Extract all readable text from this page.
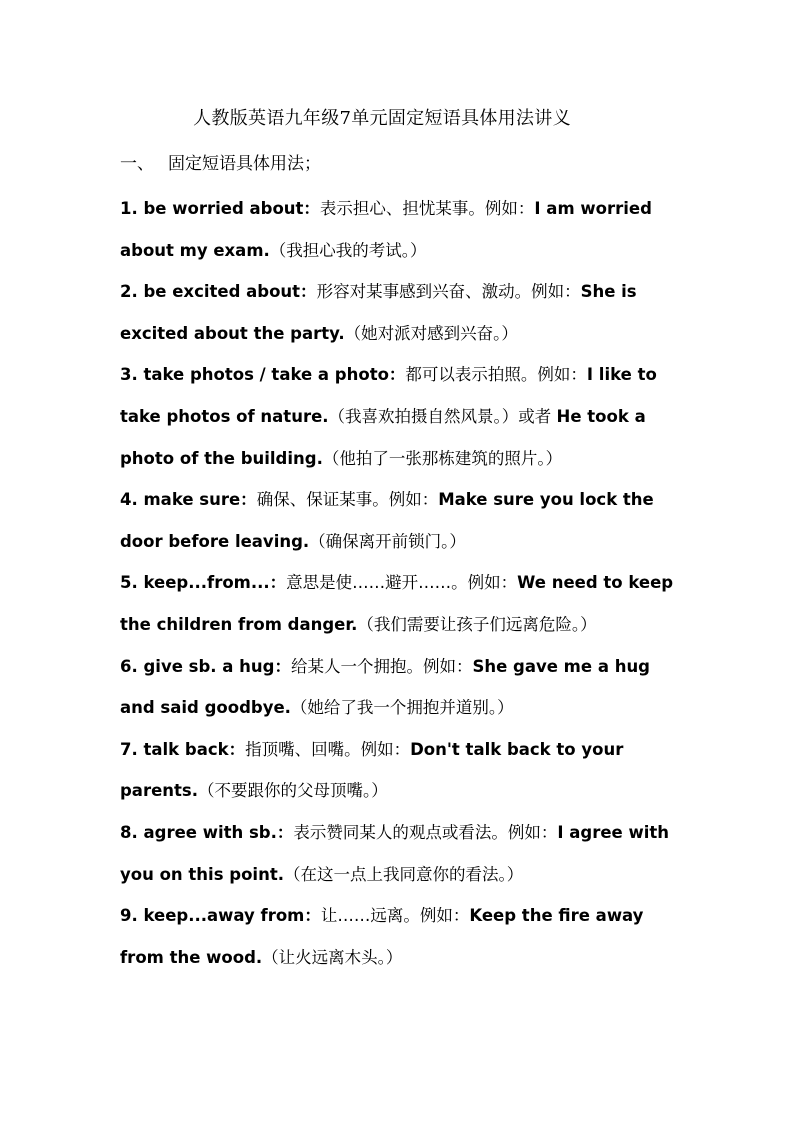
人教版英语九年级7单元固定短语具体用法讲义
一、 固定短语具体用法；
1. be worried about：表示担心、担忧某事。例如：I am worried about my exam.（我担心我的考试。）
2. be excited about：形容对某事感到兴奋、激动。例如：She is excited about the party.（她对派对感到兴奋。）
3. take photos / take a photo：都可以表示拍照。例如：I like to take photos of nature.（我喜欢拍摄自然风景。）或者 He took a photo of the building.（他拍了一张那栋建筑的照片。）
4. make sure：确保、保证某事。例如：Make sure you lock the door before leaving.（确保离开前锁门。）
5. keep...from...：意思是使……避开……。例如：We need to keep the children from danger.（我们需要让孩子们远离危险。）
6. give sb. a hug：给某人一个拥抱。例如：She gave me a hug and said goodbye.（她给了我一个拥抱并道别。）
7. talk back：指顶嘴、回嘴。例如：Don't talk back to your parents.（不要跟你的父母顶嘴。）
8. agree with sb.：表示赞同某人的观点或看法。例如：I agree with you on this point.（在这一点上我同意你的看法。）
9. keep...away from：让……远离。例如：Keep the fire away from the wood.（让火远离木头。）
